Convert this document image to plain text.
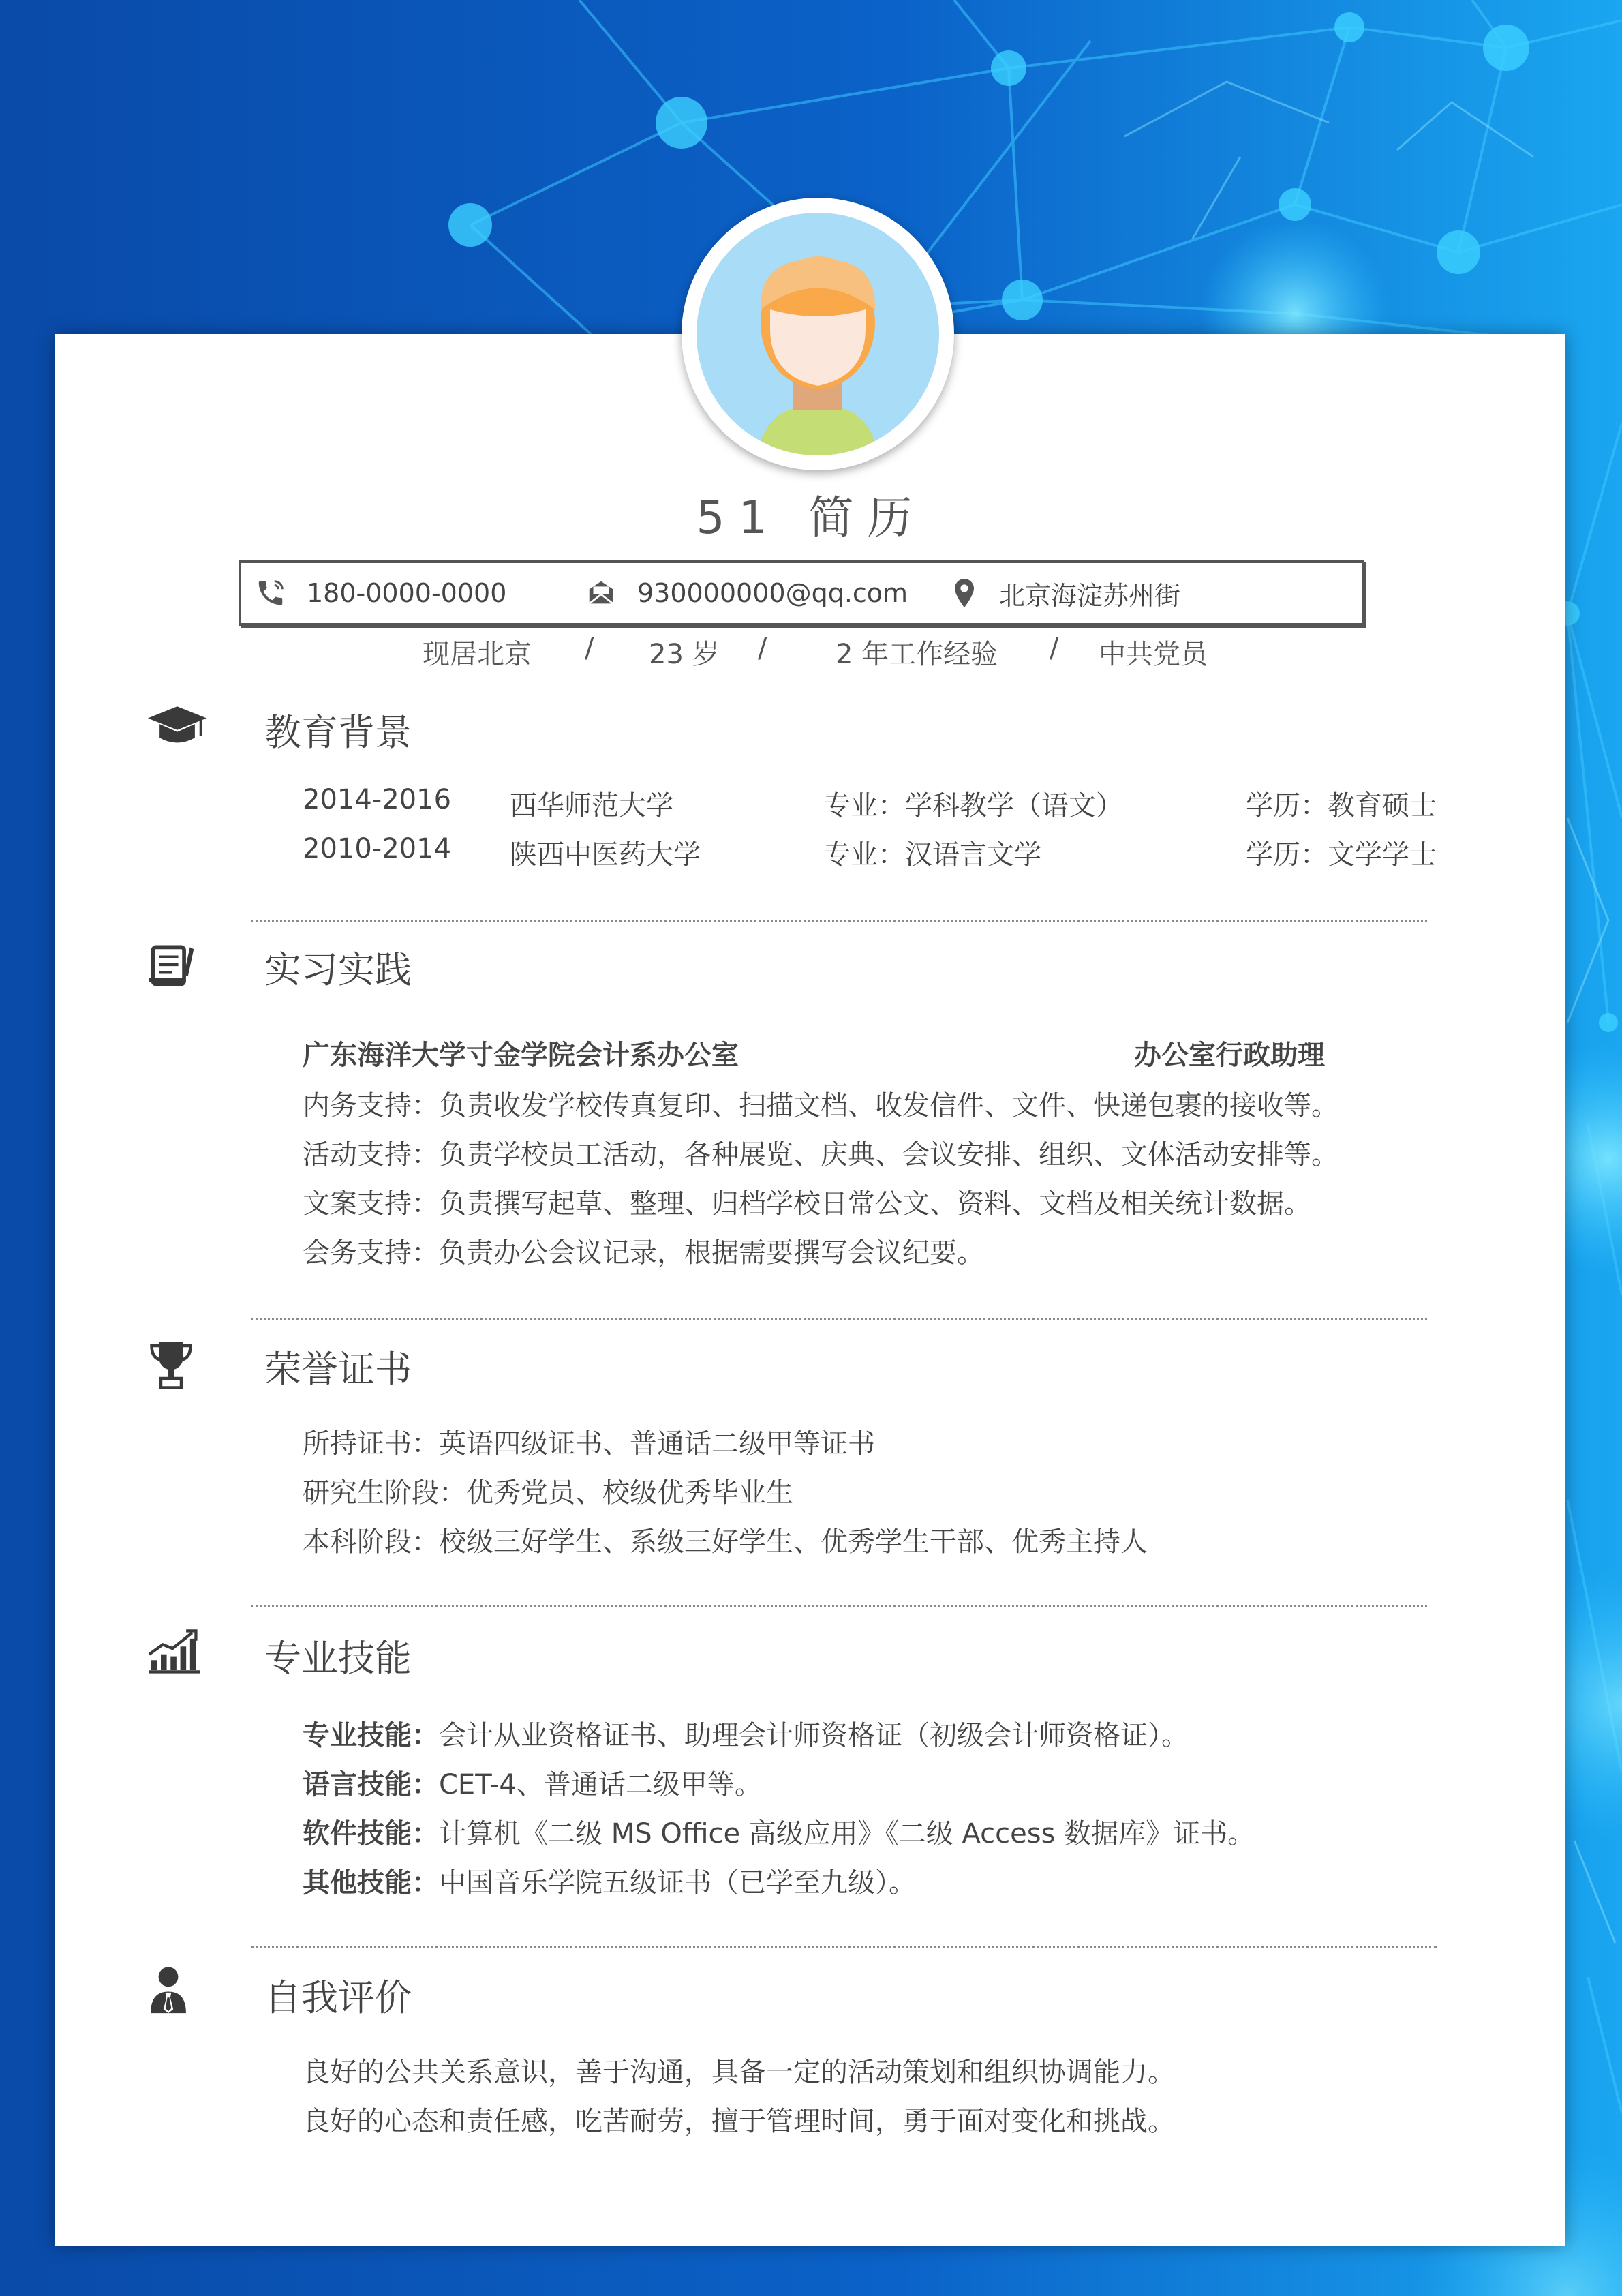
51 简历
180-0000-0000	930000000@qq.com	北京海淀苏州街
现居北京 / 23 岁 /	2 年工作经验 / 中共党员
教育背景
2014-2016 西华师范大学	专业：学科教学（语文）	学历：教育硕士
2010-2014 陕西中医药大学	专业：汉语言文学	学历：文学学士
实习实践
广东海洋大学寸金学院会计系办公室	办公室行政助理
内务支持：负责收发学校传真复印、扫描文档、收发信件、文件、快递包裹的接收等。
活动支持：负责学校员工活动，各种展览、庆典、会议安排、组织、文体活动安排等。
文案支持：负责撰写起草、整理、归档学校日常公文、资料、文档及相关统计数据。
会务支持：负责办公会议记录，根据需要撰写会议纪要。
荣誉证书
所持证书：英语四级证书、普通话二级甲等证书
研究生阶段：优秀党员、校级优秀毕业生
本科阶段：校级三好学生、系级三好学生、优秀学生干部、优秀主持人
专业技能
专业技能：会计从业资格证书、助理会计师资格证（初级会计师资格证）。
语言技能：CET-4、普通话二级甲等。
软件技能：计算机《二级 MS Office 高级应用》《二级 Access 数据库》证书。
其他技能：中国音乐学院五级证书（已学至九级）。
自我评价
良好的公共关系意识，善于沟通，具备一定的活动策划和组织协调能力。
良好的心态和责任感，吃苦耐劳，擅于管理时间，勇于面对变化和挑战。
